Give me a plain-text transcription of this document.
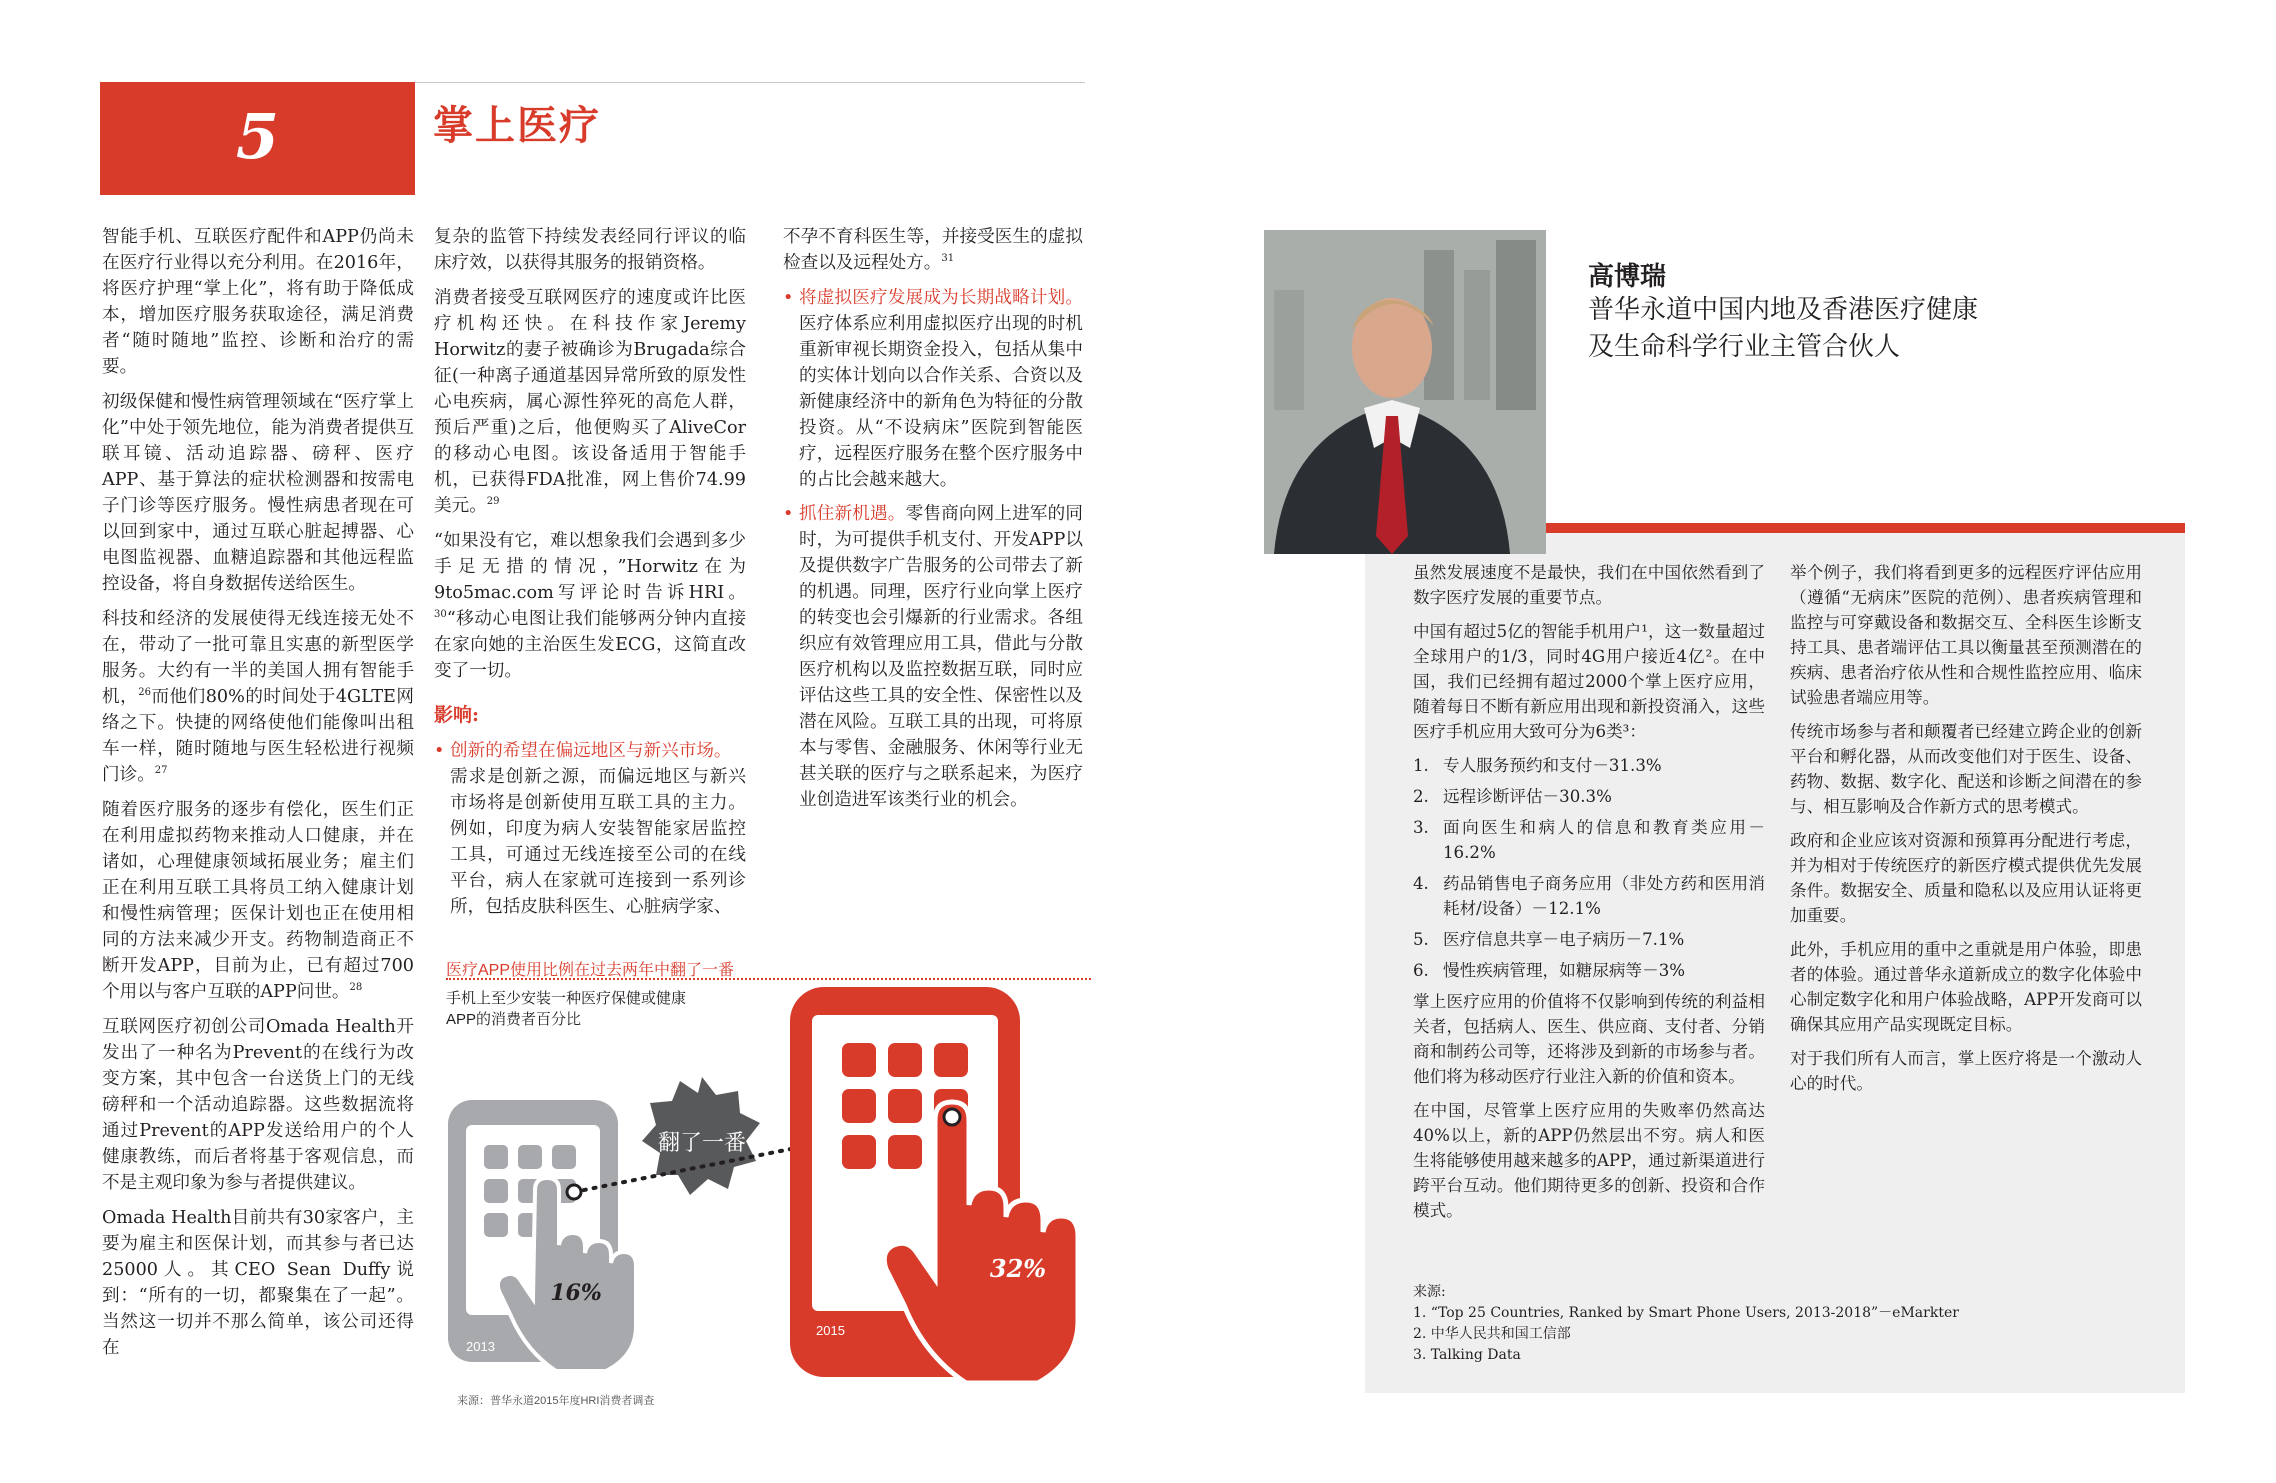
5	掌上医疗

智能手机、互联医疗配件和APP仍尚未在医疗行业得以充分利用。在2016年，将医疗护理“掌上化”，将有助于降低成本，增加医疗服务获取途径，满足消费者“随时随地”监控、诊断和治疗的需要。

初级保健和慢性病管理领域在“医疗掌上化”中处于领先地位，能为消费者提供互联耳镜、活动追踪器、磅秤、医疗APP、基于算法的症状检测器和按需电子门诊等医疗服务。慢性病患者现在可以回到家中，通过互联心脏起搏器、心电图监视器、血糖追踪器和其他远程监控设备，将自身数据传送给医生。

科技和经济的发展使得无线连接无处不在，带动了一批可靠且实惠的新型医学服务。大约有一半的美国人拥有智能手机，$^{26}$而他们80%的时间处于4GLTE网络之下。快捷的网络使他们能像叫出租车一样，随时随地与医生轻松进行视频门诊。$^{27}$

随着医疗服务的逐步有偿化，医生们正在利用虚拟药物来推动人口健康，并在诸如，心理健康领域拓展业务；雇主们正在利用互联工具将员工纳入健康计划和慢性病管理；医保计划也正在使用相同的方法来减少开支。药物制造商正不断开发APP，目前为止，已有超过700个用以与客户互联的APP问世。$^{28}$

互联网医疗初创公司Omada Health开发出了一种名为Prevent的在线行为改变方案，其中包含一台送货上门的无线磅秤和一个活动追踪器。这些数据流将通过Prevent的APP发送给用户的个人健康教练，而后者将基于客观信息，而不是主观印象为参与者提供建议。

Omada Health目前共有30家客户，主要为雇主和医保计划，而其参与者已达25000人。其CEO Sean Duffy说到：“所有的一切，都聚集在了一起”。当然这一切并不那么简单，该公司还得在

复杂的监管下持续发表经同行评议的临床疗效，以获得其服务的报销资格。

消费者接受互联网医疗的速度或许比医疗机构还快。在科技作家Jeremy Horwitz的妻子被确诊为Brugada综合征(一种离子通道基因异常所致的原发性心电疾病，属心源性猝死的高危人群，预后严重)之后，他便购买了AliveCor的移动心电图。该设备适用于智能手机，已获得FDA批准，网上售价74.99美元。$^{29}$

“如果没有它，难以想象我们会遇到多少手足无措的情况，”Horwitz在为9to5mac.com写评论时告诉HRI。$^{30}$“移动心电图让我们能够两分钟内直接在家向她的主治医生发ECG，这简直改变了一切。

影响:
• 创新的希望在偏远地区与新兴市场。
需求是创新之源，而偏远地区与新兴市场将是创新使用互联工具的主力。例如，印度为病人安装智能家居监控工具，可通过无线连接至公司的在线平台，病人在家就可连接到一系列诊所，包括皮肤科医生、心脏病学家、

不孕不育科医生等，并接受医生的虚拟检查以及远程处方。$^{31}$

• 将虚拟医疗发展成为长期战略计划。医疗体系应利用虚拟医疗出现的时机重新审视长期资金投入，包括从集中的实体计划向以合作关系、合资以及新健康经济中的新角色为特征的分散投资。从“不设病床”医院到智能医疗，远程医疗服务在整个医疗服务中的占比会越来越大。
• 抓住新机遇。零售商向网上进军的同时，为可提供手机支付、开发APP以及提供数字广告服务的公司带去了新的机遇。同理，医疗行业向掌上医疗的转变也会引爆新的行业需求。各组织应有效管理应用工具，借此与分散医疗机构以及监控数据互联，同时应评估这些工具的安全性、保密性以及潜在风险。互联工具的出现，可将原本与零售、金融服务、休闲等行业无甚关联的医疗与之联系起来，为医疗业创造进军该类行业的机会。
医疗APP使用比例在过去两年中翻了一番
手机上至少安装一种医疗保健或健康APP的消费者百分比
16%
2013
翻了一番
32%
2015
来源：普华永道2015年度HRI消费者调查
高博瑞
普华永道中国内地及香港医疗健康
及生命科学行业主管合伙人

虽然发展速度不是最快，我们在中国依然看到了数字医疗发展的重要节点。

中国有超过5亿的智能手机用户¹，这一数量超过全球用户的1/3，同时4G用户接近4亿²。在中国，我们已经拥有超过2000个掌上医疗应用，随着每日不断有新应用出现和新投资涌入，这些医疗手机应用大致可分为6类³：

1. 专人服务预约和支付－31.3%
2. 远程诊断评估－30.3%
3. 面向医生和病人的信息和教育类应用－16.2%
4. 药品销售电子商务应用（非处方药和医用消耗材/设备）－12.1%
5. 医疗信息共享－电子病历－7.1%
6. 慢性疾病管理，如糖尿病等－3%

掌上医疗应用的价值将不仅影响到传统的利益相关者，包括病人、医生、供应商、支付者、分销商和制药公司等，还将涉及到新的市场参与者。他们将为移动医疗行业注入新的价值和资本。

在中国，尽管掌上医疗应用的失败率仍然高达40%以上，新的APP仍然层出不穷。病人和医生将能够使用越来越多的APP，通过新渠道进行跨平台互动。他们期待更多的创新、投资和合作模式。

举个例子，我们将看到更多的远程医疗评估应用（遵循“无病床”医院的范例）、患者疾病管理和监控与可穿戴设备和数据交互、全科医生诊断支持工具、患者端评估工具以衡量甚至预测潜在的疾病、患者治疗依从性和合规性监控应用、临床试验患者端应用等。

传统市场参与者和颠覆者已经建立跨企业的创新平台和孵化器，从而改变他们对于医生、设备、药物、数据、数字化、配送和诊断之间潜在的参与、相互影响及合作新方式的思考模式。

政府和企业应该对资源和预算再分配进行考虑，并为相对于传统医疗的新医疗模式提供优先发展条件。数据安全、质量和隐私以及应用认证将更加重要。

此外，手机应用的重中之重就是用户体验，即患者的体验。通过普华永道新成立的数字化体验中心制定数字化和用户体验战略，APP开发商可以确保其应用产品实现既定目标。

对于我们所有人而言，掌上医疗将是一个激动人心的时代。

来源:
1. “Top 25 Countries, Ranked by Smart Phone Users, 2013-2018”－eMarkter
2. 中华人民共和国工信部
3. Talking Data
